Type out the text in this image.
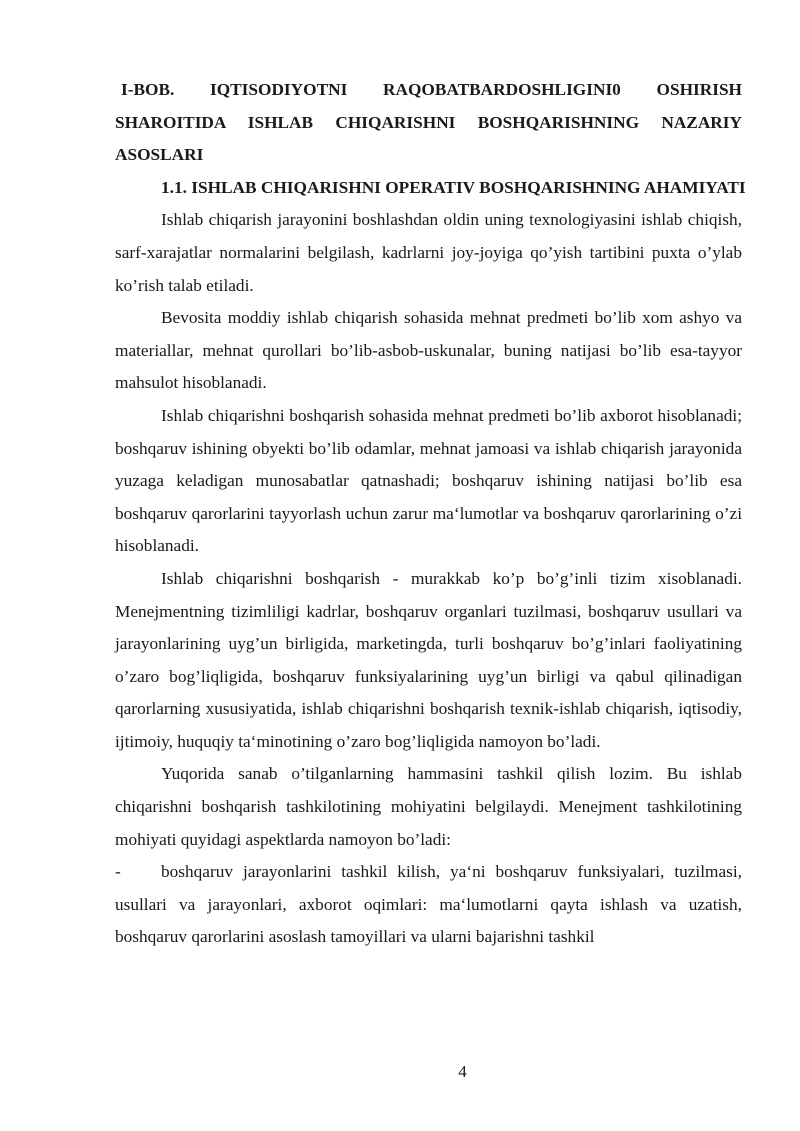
I-BOB. IQTISODIYOTNI RAQOBATBARDOSHLIGINI0 OSHIRISH SHAROITIDA ISHLAB CHIQARISHNI BOSHQARISHNING NAZARIY ASOSLARI

1.1. ISHLAB CHIQARISHNI OPERATIV BOSHQARISHNING AHAMIYATI

Ishlab chiqarish jarayonini boshlashdan oldin uning texnologiyasini ishlab chiqish, sarf-xarajatlar normalarini belgilash, kadrlarni joy-joyiga qo’yish tartibini puxta o’ylab ko’rish talab etiladi.

Bevosita moddiy ishlab chiqarish sohasida mehnat predmeti bo’lib xom ashyo va materiallar, mehnat qurollari bo’lib-asbob-uskunalar, buning natijasi bo’lib esa-tayyor mahsulot hisoblanadi.

Ishlab chiqarishni boshqarish sohasida mehnat predmeti bo’lib axborot hisoblanadi; boshqaruv ishining obyekti bo’lib odamlar, mehnat jamoasi va ishlab chiqarish jarayonida yuzaga keladigan munosabatlar qatnashadi; boshqaruv ishining natijasi bo’lib esa boshqaruv qarorlarini tayyorlash uchun zarur ma‘lumotlar va boshqaruv qarorlarining o’zi hisoblanadi.

Ishlab chiqarishni boshqarish - murakkab ko’p bo’g’inli tizim xisoblanadi. Menejmentning tizimliligi kadrlar, boshqaruv organlari tuzilmasi, boshqaruv usullari va jarayonlarining uyg’un birligida, marketingda, turli boshqaruv bo’g’inlari faoliyatining o’zaro bog’liqligida, boshqaruv funksiyalarining uyg’un birligi va qabul qilinadigan qarorlarning xususiyatida, ishlab chiqarishni boshqarish texnik-ishlab chiqarish, iqtisodiy, ijtimoiy, huquqiy ta‘minotining o’zaro bog’liqligida namoyon bo’ladi.

Yuqorida sanab o’tilganlarning hammasini tashkil qilish lozim. Bu ishlab chiqarishni boshqarish tashkilotining mohiyatini belgilaydi. Menejment tashkilotining mohiyati quyidagi aspektlarda namoyon bo’ladi:

- boshqaruv jarayonlarini tashkil kilish, ya‘ni boshqaruv funksiyalari, tuzilmasi, usullari va jarayonlari, axborot oqimlari: ma‘lumotlarni qayta ishlash va uzatish, boshqaruv qarorlarini asoslash tamoyillari va ularni bajarishni tashkil

4
